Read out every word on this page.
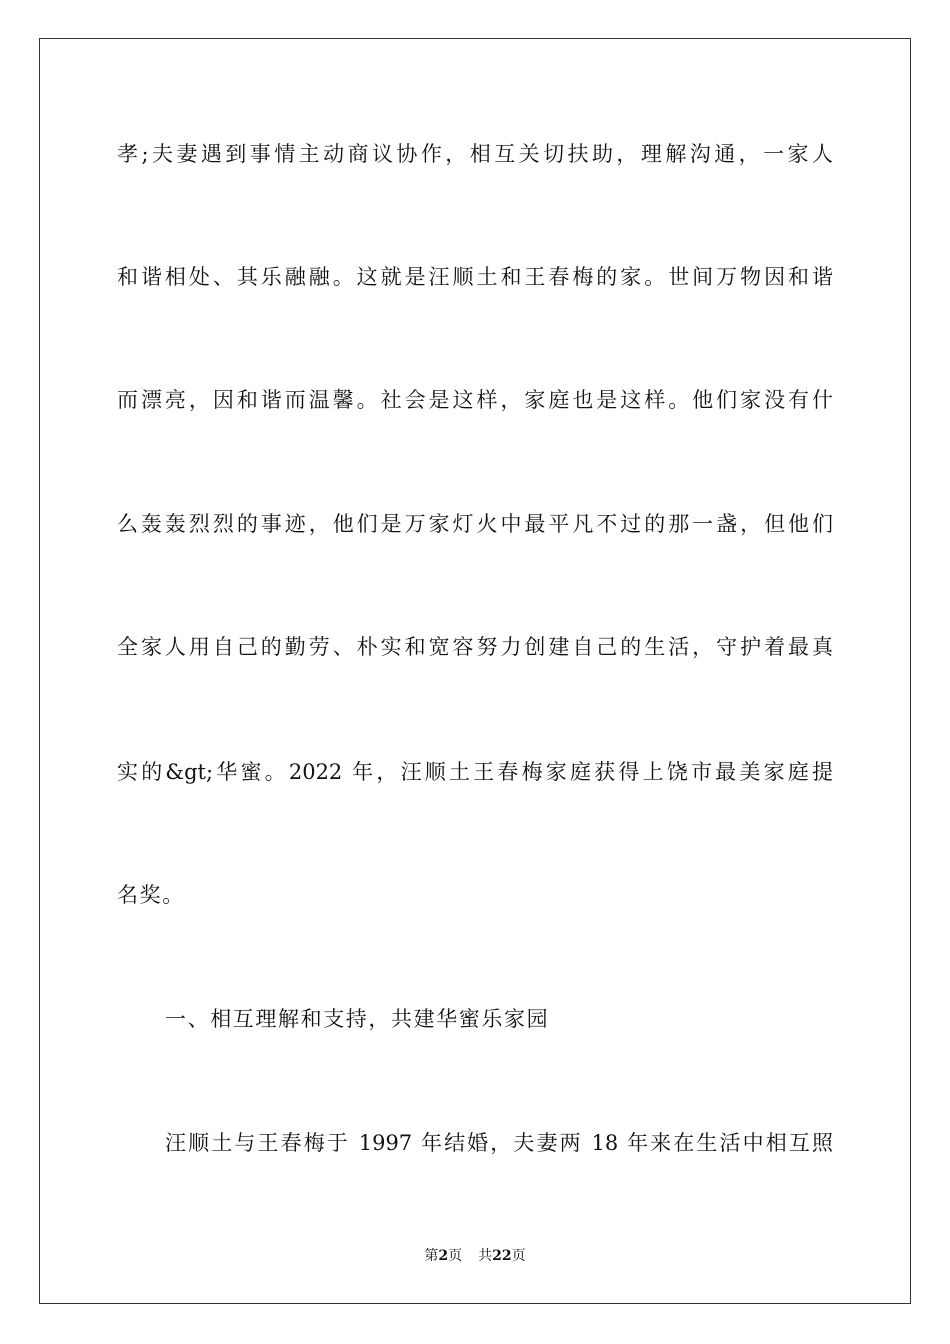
孝;夫妻遇到事情主动商议协作，相互关切扶助，理解沟通，一家人
和谐相处、其乐融融。这就是汪顺土和王春梅的家。世间万物因和谐
而漂亮，因和谐而温馨。社会是这样，家庭也是这样。他们家没有什
么轰轰烈烈的事迹，他们是万家灯火中最平凡不过的那一盏，但他们
全家人用自己的勤劳、朴实和宽容努力创建自己的生活，守护着最真
实的&gt;华蜜。2022 年，汪顺土王春梅家庭获得上饶市最美家庭提
名奖。
一、相互理解和支持，共建华蜜乐家园
汪顺土与王春梅于 1997 年结婚，夫妻两 18 年来在生活中相互照
第2页 共22页
